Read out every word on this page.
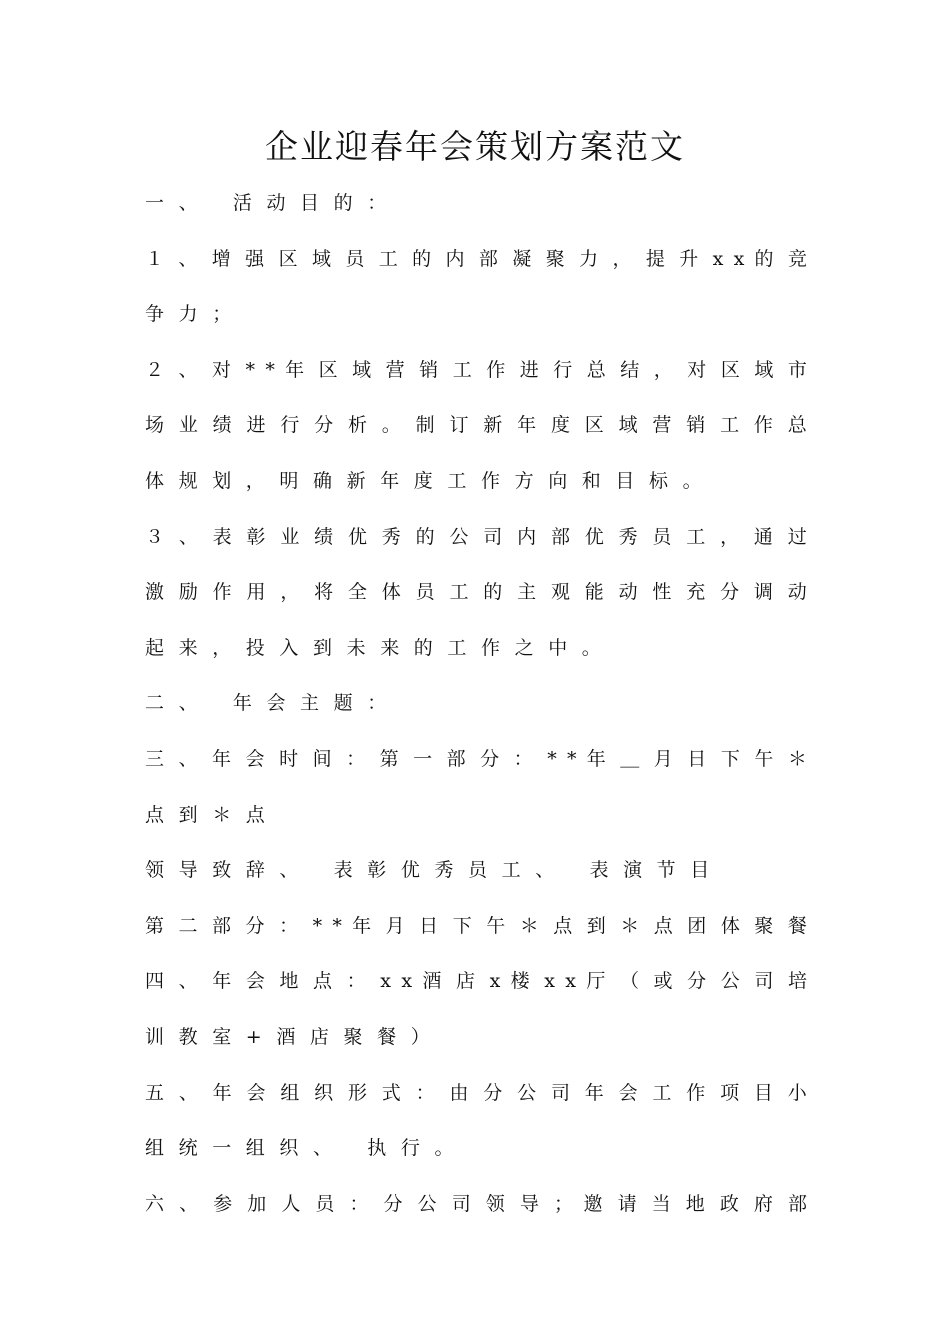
企业迎春年会策划方案范文
一、 活动目的：
１ 、 增 强 区 域 员 工 的 内 部 凝 聚 力 ， 提 升 x x 的 竞
争力；
２ 、 对 * * 年 区 域 营 销 工 作 进 行 总 结 ， 对 区 域 市
场 业 绩 进 行 分 析 。 制 订 新 年 度 区 域 营 销 工 作 总
体规划，明确新年度工作方向和目标。
３ 、 表 彰 业 绩 优 秀 的 公 司 内 部 优 秀 员 工 ， 通 过
激 励 作 用 ， 将 全 体 员 工 的 主 观 能 动 性 充 分 调 动
起来，投入到未来的工作之中。
二、 年会主题：
三 、 年 会 时 间 ： 第 一 部 分 ： * * 年 ＿ 月 日 下 午 ＊
点到＊点
领导致辞、 表彰优秀员工、 表演节目
第 二 部 分 ： * * 年 月 日 下 午 ＊ 点 到 ＊ 点 团 体 聚 餐
四 、 年 会 地 点 ： x x 酒 店 x 楼 x x 厅 （ 或 分 公 司 培
训教室+酒店聚餐）
五 、 年 会 组 织 形 式 ： 由 分 公 司 年 会 工 作 项 目 小
组统一组织、 执行。
六 、 参 加 人 员 ： 分 公 司 领 导 ； 邀 请 当 地 政 府 部
